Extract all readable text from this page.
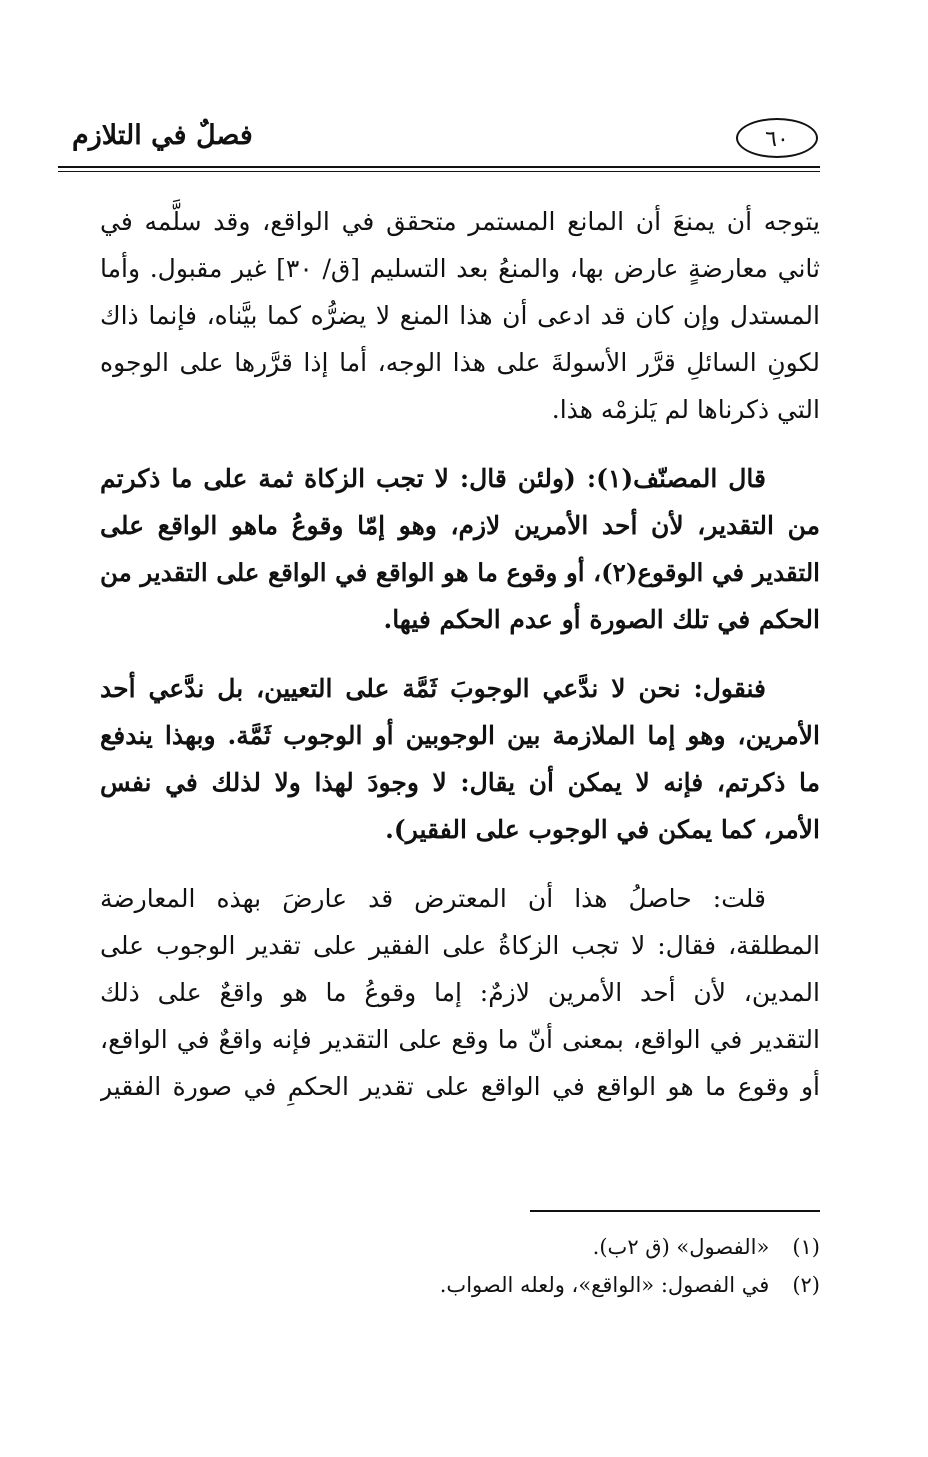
فصلٌ في التلازم	٦٠
يتوجه أن يمنعَ أن المانع المستمر متحقق في الواقع، وقد سلَّمه في
ثاني معارضةٍ عارض بها، والمنعُ بعد التسليم [ق/ ٣٠] غير مقبول. وأما
المستدل وإن كان قد ادعى أن هذا المنع لا يضرُّه كما بيَّناه، فإنما ذاك
لكونِ السائلِ قرَّر الأسولةَ على هذا الوجه، أما إذا قرَّرها على الوجوه
التي ذكرناها لم يَلزمْه هذا.
قال المصنّف(١): (ولئن قال: لا تجب الزكاة ثمة على ما ذكرتم
من التقدير، لأن أحد الأمرين لازم، وهو إمّا وقوعُ ماهو الواقع على
التقدير في الوقوع(٢)، أو وقوع ما هو الواقع في الواقع على التقدير من
الحكم في تلك الصورة أو عدم الحكم فيها.
فنقول: نحن لا ندَّعي الوجوبَ ثَمَّة على التعيين، بل ندَّعي أحد
الأمرين، وهو إما الملازمة بين الوجوبين أو الوجوب ثَمَّة. وبهذا يندفع
ما ذكرتم، فإنه لا يمكن أن يقال: لا وجودَ لهذا ولا لذلك في نفس
الأمر، كما يمكن في الوجوب على الفقير).
قلت: حاصلُ هذا أن المعترض قد عارضَ بهذه المعارضة
المطلقة، فقال: لا تجب الزكاةُ على الفقير على تقدير الوجوب على
المدين، لأن أحد الأمرين لازمٌ: إما وقوعُ ما هو واقعٌ على ذلك
التقدير في الواقع، بمعنى أنّ ما وقع على التقدير فإنه واقعٌ في الواقع،
أو وقوع ما هو الواقع في الواقع على تقدير الحكمِ في صورة الفقير
(١) «الفصول» (ق ٢ب).
(٢) في الفصول: «الواقع»، ولعله الصواب.
